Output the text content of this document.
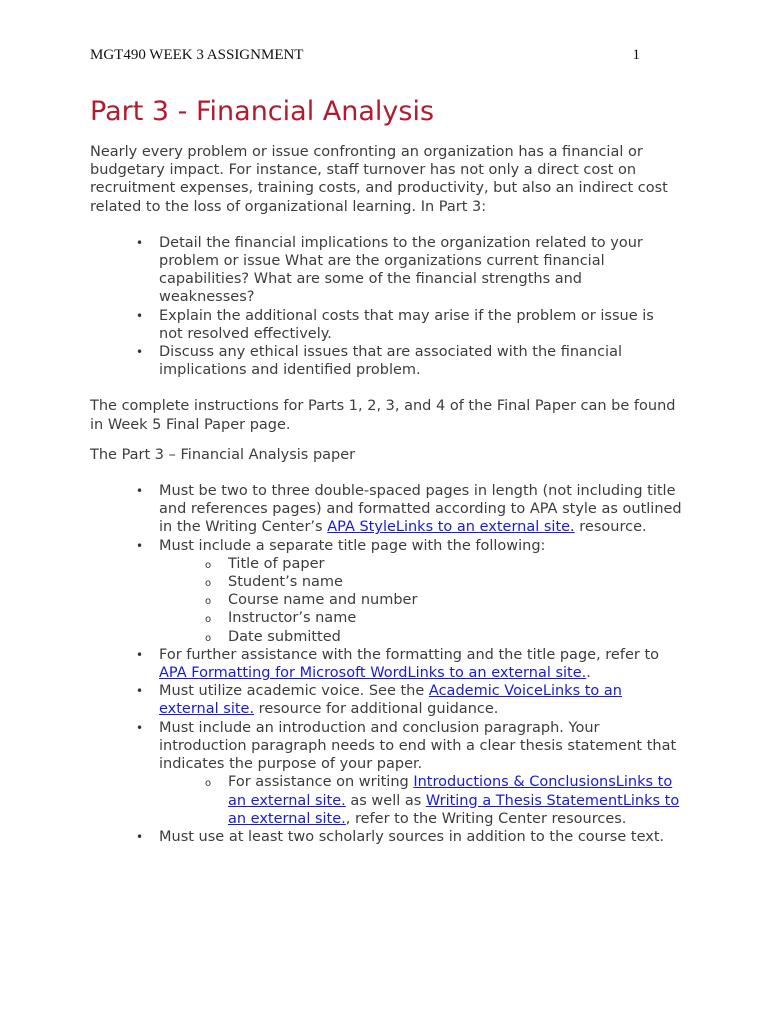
MGT490 WEEK 3 ASSIGNMENT	1
Part 3 - Financial Analysis

Nearly every problem or issue confronting an organization has a financial or budgetary impact. For instance, staff turnover has not only a direct cost on recruitment expenses, training costs, and productivity, but also an indirect cost related to the loss of organizational learning. In Part 3:

• Detail the financial implications to the organization related to your problem or issue What are the organizations current financial capabilities? What are some of the financial strengths and weaknesses?
• Explain the additional costs that may arise if the problem or issue is not resolved effectively.
• Discuss any ethical issues that are associated with the financial implications and identified problem.

The complete instructions for Parts 1, 2, 3, and 4 of the Final Paper can be found in Week 5 Final Paper page.

The Part 3 – Financial Analysis paper

• Must be two to three double-spaced pages in length (not including title and references pages) and formatted according to APA style as outlined in the Writing Center’s APA StyleLinks to an external site. resource.
• Must include a separate title page with the following:
o Title of paper
o Student’s name
o Course name and number
o Instructor’s name
o Date submitted
• For further assistance with the formatting and the title page, refer to APA Formatting for Microsoft WordLinks to an external site..
• Must utilize academic voice. See the Academic VoiceLinks to an external site. resource for additional guidance.
• Must include an introduction and conclusion paragraph. Your introduction paragraph needs to end with a clear thesis statement that indicates the purpose of your paper.
o For assistance on writing Introductions & ConclusionsLinks to an external site. as well as Writing a Thesis StatementLinks to an external site., refer to the Writing Center resources.
• Must use at least two scholarly sources in addition to the course text.
